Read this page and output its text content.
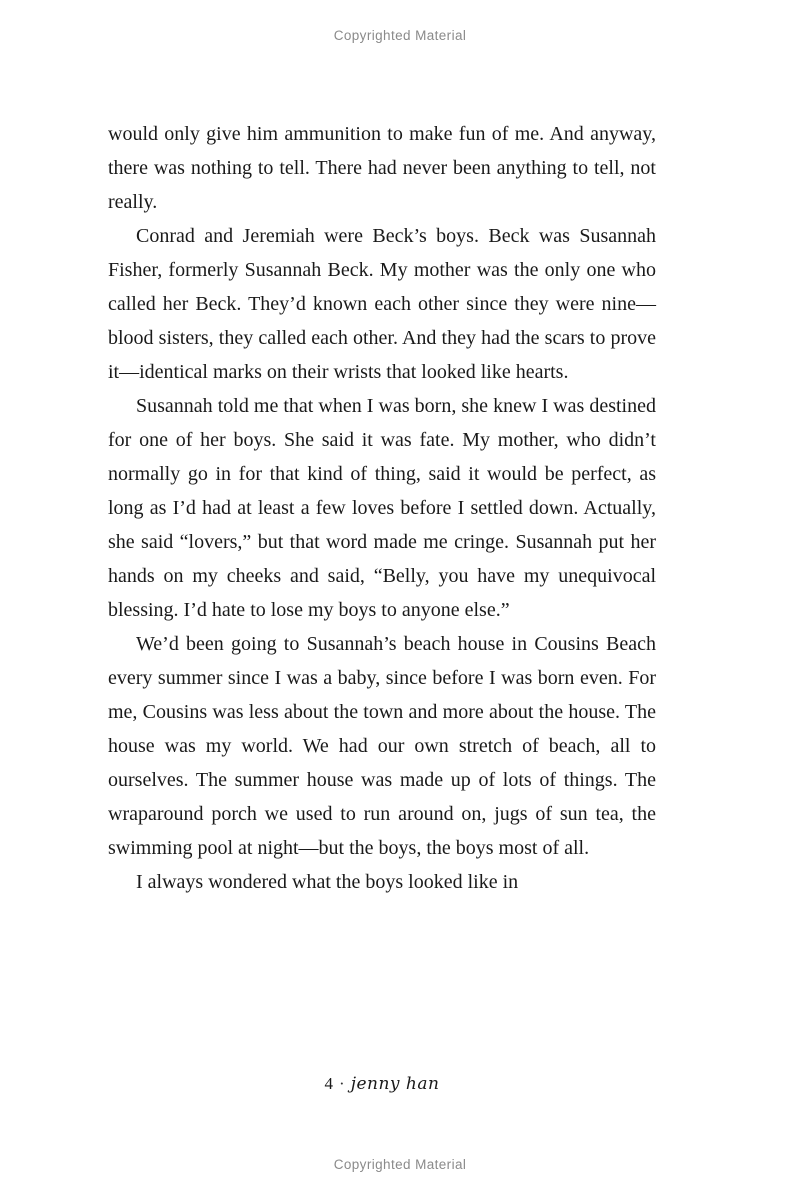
Copyrighted Material

would only give him ammunition to make fun of me. And anyway, there was nothing to tell. There had never been anything to tell, not really.

Conrad and Jeremiah were Beck’s boys. Beck was Susannah Fisher, formerly Susannah Beck. My mother was the only one who called her Beck. They’d known each other since they were nine—blood sisters, they called each other. And they had the scars to prove it—identical marks on their wrists that looked like hearts.

Susannah told me that when I was born, she knew I was destined for one of her boys. She said it was fate. My mother, who didn’t normally go in for that kind of thing, said it would be perfect, as long as I’d had at least a few loves before I settled down. Actually, she said “lovers,” but that word made me cringe. Susannah put her hands on my cheeks and said, “Belly, you have my unequivocal blessing. I’d hate to lose my boys to anyone else.”

We’d been going to Susannah’s beach house in Cousins Beach every summer since I was a baby, since before I was born even. For me, Cousins was less about the town and more about the house. The house was my world. We had our own stretch of beach, all to ourselves. The summer house was made up of lots of things. The wraparound porch we used to run around on, jugs of sun tea, the swimming pool at night—but the boys, the boys most of all.

I always wondered what the boys looked like in

4 · jenny han
Copyrighted Material
